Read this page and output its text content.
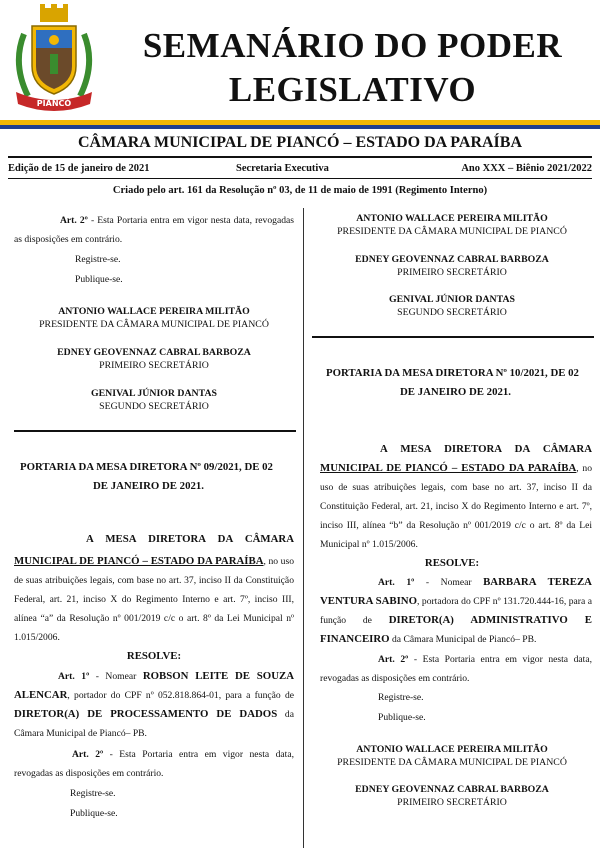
PIANCÓ
SEMANÁRIO DO PODER
LEGISLATIVO
CÂMARA MUNICIPAL DE PIANCÓ – ESTADO DA PARAÍBA
Edição de 15 de janeiro de 2021	Secretaria Executiva	Ano XXX – Biênio 2021/2022
Criado pelo art. 161 da Resolução nº 03, de 11 de maio de 1991 (Regimento Interno)
Art. 2º - Esta Portaria entra em vigor nesta data, revogadas as disposições em contrário.
Registre-se.
Publique-se.
ANTONIO WALLACE PEREIRA MILITÃO
PRESIDENTE DA CÂMARA MUNICIPAL DE PIANCÓ
EDNEY GEOVENNAZ CABRAL BARBOZA
PRIMEIRO SECRETÁRIO
GENIVAL JÚNIOR DANTAS
SEGUNDO SECRETÁRIO
PORTARIA DA MESA DIRETORA Nº 09/2021, DE 02
DE JANEIRO DE 2021.
A MESA DIRETORA DA CÂMARA
MUNICIPAL DE PIANCÓ – ESTADO DA PARAÍBA, no uso de suas atribuições legais, com base no art. 37, inciso II da Constituição Federal, art. 21, inciso X do Regimento Interno e art. 7º, inciso III, alínea “a” da Resolução nº 001/2019 c/c o art. 8º da Lei Municipal nº 1.015/2006.
RESOLVE:
Art. 1º - Nomear ROBSON LEITE DE SOUZA ALENCAR, portador do CPF nº 052.818.864-01, para a função de DIRETOR(A) DE PROCESSAMENTO DE DADOS da Câmara Municipal de Piancó– PB.
Art. 2º - Esta Portaria entra em vigor nesta data, revogadas as disposições em contrário.
Registre-se.
Publique-se.
ANTONIO WALLACE PEREIRA MILITÃO
PRESIDENTE DA CÂMARA MUNICIPAL DE PIANCÓ
EDNEY GEOVENNAZ CABRAL BARBOZA
PRIMEIRO SECRETÁRIO
GENIVAL JÚNIOR DANTAS
SEGUNDO SECRETÁRIO
PORTARIA DA MESA DIRETORA Nº 10/2021, DE 02
DE JANEIRO DE 2021.
A MESA DIRETORA DA CÂMARA
MUNICIPAL DE PIANCÓ – ESTADO DA PARAÍBA, no uso de suas atribuições legais, com base no art. 37, inciso II da Constituição Federal, art. 21, inciso X do Regimento Interno e art. 7º, inciso III, alínea “b” da Resolução nº 001/2019 c/c o art. 8º da Lei Municipal nº 1.015/2006.
RESOLVE:
Art. 1º - Nomear BARBARA TEREZA VENTURA SABINO, portadora do CPF nº 131.720.444-16, para a função de DIRETOR(A) ADMINISTRATIVO E FINANCEIRO da Câmara Municipal de Piancó– PB.
Art. 2º - Esta Portaria entra em vigor nesta data, revogadas as disposições em contrário.
Registre-se.
Publique-se.
ANTONIO WALLACE PEREIRA MILITÃO
PRESIDENTE DA CÂMARA MUNICIPAL DE PIANCÓ
EDNEY GEOVENNAZ CABRAL BARBOZA
PRIMEIRO SECRETÁRIO
